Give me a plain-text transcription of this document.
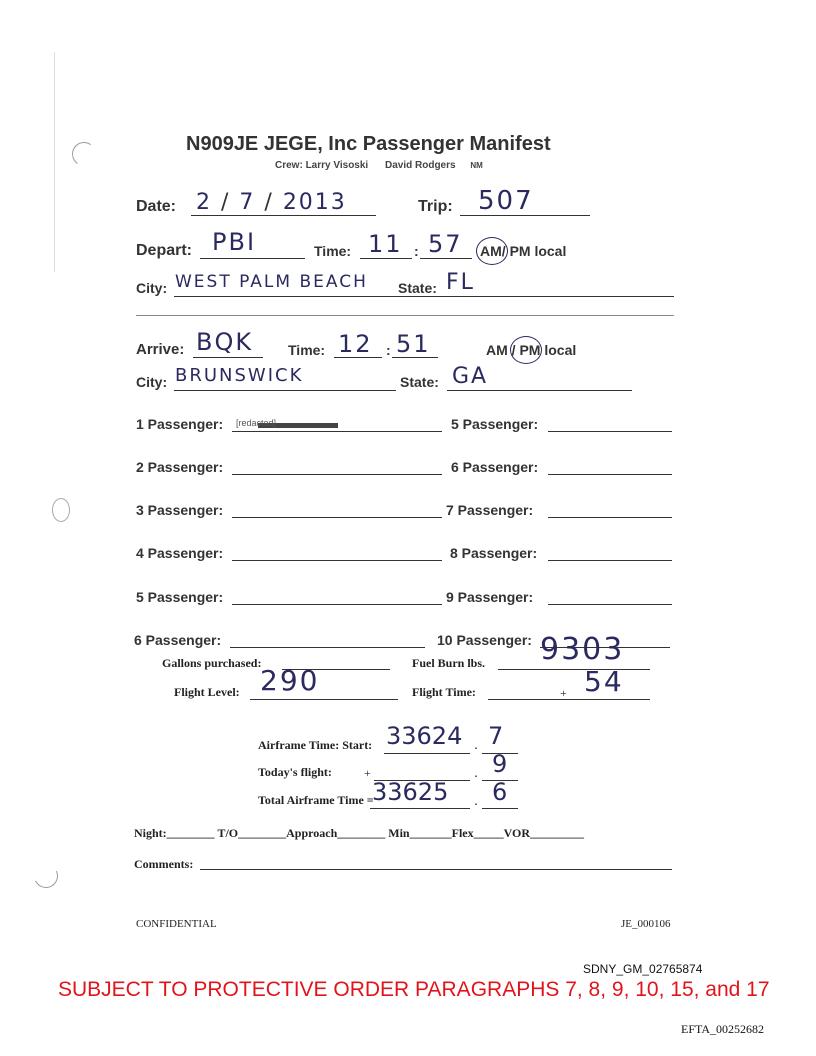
N909JE JEGE, Inc Passenger Manifest
Crew: Larry Visoski David Rodgers NM
Date: 2 / 7 / 2013	Trip: 507
Depart: PBI	Time: 11 : 57 AM/ PM local
City: WEST PALM BEACH State: FL
Arrive: BQK Time: 12 : 51	AM / PM local
City: BRUNSWICK	State: GA
1 Passenger: [redacted]
2 Passenger:
3 Passenger:
4 Passenger:
5 Passenger:
6 Passenger:
5 Passenger:
6 Passenger:
7 Passenger:
8 Passenger:
9 Passenger:
10 Passenger:
Gallons purchased:	Fuel Burn lbs. 9303
Flight Level: 290	Flight Time:	+ 54
Airframe Time: Start: 33624 . 7
Today's flight:	+	. 9
Total Airframe Time =
33625 . 6
Night:________ T/O________Approach________ Min_______Flex_____VOR_________
Comments:
CONFIDENTIAL	JE_000106
SDNY_GM_02765874
SUBJECT TO PROTECTIVE ORDER PARAGRAPHS 7, 8, 9, 10, 15, and 17
EFTA_00252682
